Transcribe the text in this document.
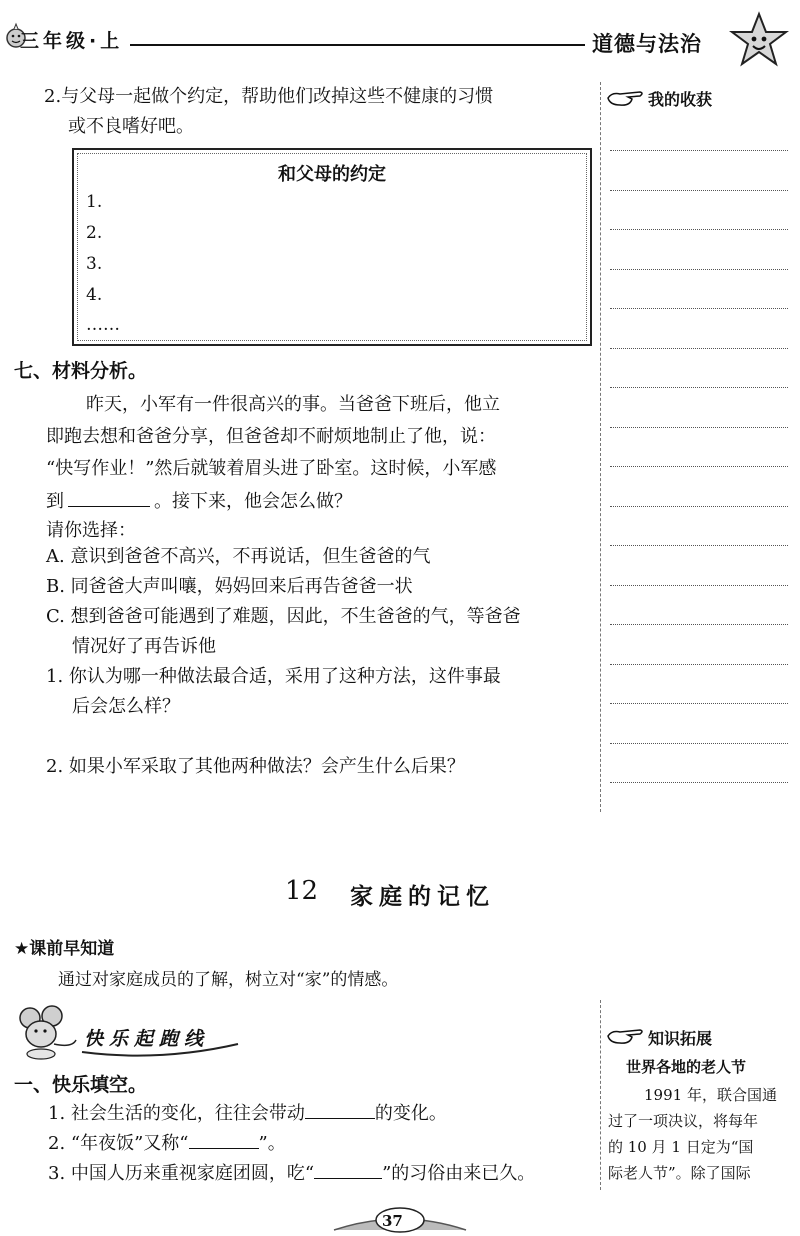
三年级·上	道德与法治
我的收获
2.与父母一起做个约定，帮助他们改掉这些不健康的习惯
或不良嗜好吧。
和父母的约定
1.
2.
3.
4.
……
七、材料分析。
昨天，小军有一件很高兴的事。当爸爸下班后，他立
即跑去想和爸爸分享，但爸爸却不耐烦地制止了他，说：
“快写作业！”然后就皱着眉头进了卧室。这时候，小军感
到	。接下来，他会怎么做？
请你选择：
A. 意识到爸爸不高兴，不再说话，但生爸爸的气
B. 同爸爸大声叫嚷，妈妈回来后再告爸爸一状
C. 想到爸爸可能遇到了难题，因此，不生爸爸的气，等爸爸
情况好了再告诉他
1. 你认为哪一种做法最合适，采用了这种方法，这件事最
后会怎么样？
2. 如果小军采取了其他两种做法？会产生什么后果？
12 家庭的记忆
★课前早知道
通过对家庭成员的了解，树立对“家”的情感。
快乐起跑线
一、快乐填空。
1. 社会生活的变化，往往会带动	的变化。
2. “年夜饭”又称“	”。
3. 中国人历来重视家庭团圆，吃“	”的习俗由来已久。
知识拓展
世界各地的老人节
1991 年，联合国通
过了一项决议，将每年
的 10 月 1 日定为“国
际老人节”。除了国际
37
